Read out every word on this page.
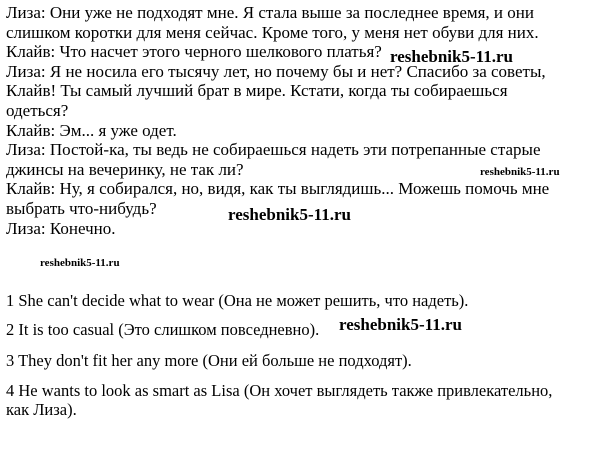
Лиза: Они уже не подходят мне. Я стала выше за последнее время, и они

слишком коротки для меня сейчас. Кроме того, у меня нет обуви для них.

Клайв: Что насчет этого черного шелкового платья?

Лиза: Я не носила его тысячу лет, но почему бы и нет? Спасибо за советы,

Клайв! Ты самый лучший брат в мире. Кстати, когда ты собираешься

одеться?

Клайв: Эм... я уже одет.

Лиза: Постой-ка, ты ведь не собираешься надеть эти потрепанные старые

джинсы на вечеринку, не так ли?

Клайв: Ну, я собирался, но, видя, как ты выглядишь... Можешь помочь мне

выбрать что-нибудь?

Лиза: Конечно.

1 She can't decide what to wear (Она не может решить, что надеть).
2 It is too casual (Это слишком повседневно).
3 They don't fit her any more (Они ей больше не подходят).
4 He wants to look as smart as Lisa (Он хочет выглядеть также привлекательно,
как Лиза).
reshebnik5-11.ru
reshebnik5-11.ru
reshebnik5-11.ru
reshebnik5-11.ru
reshebnik5-11.ru
